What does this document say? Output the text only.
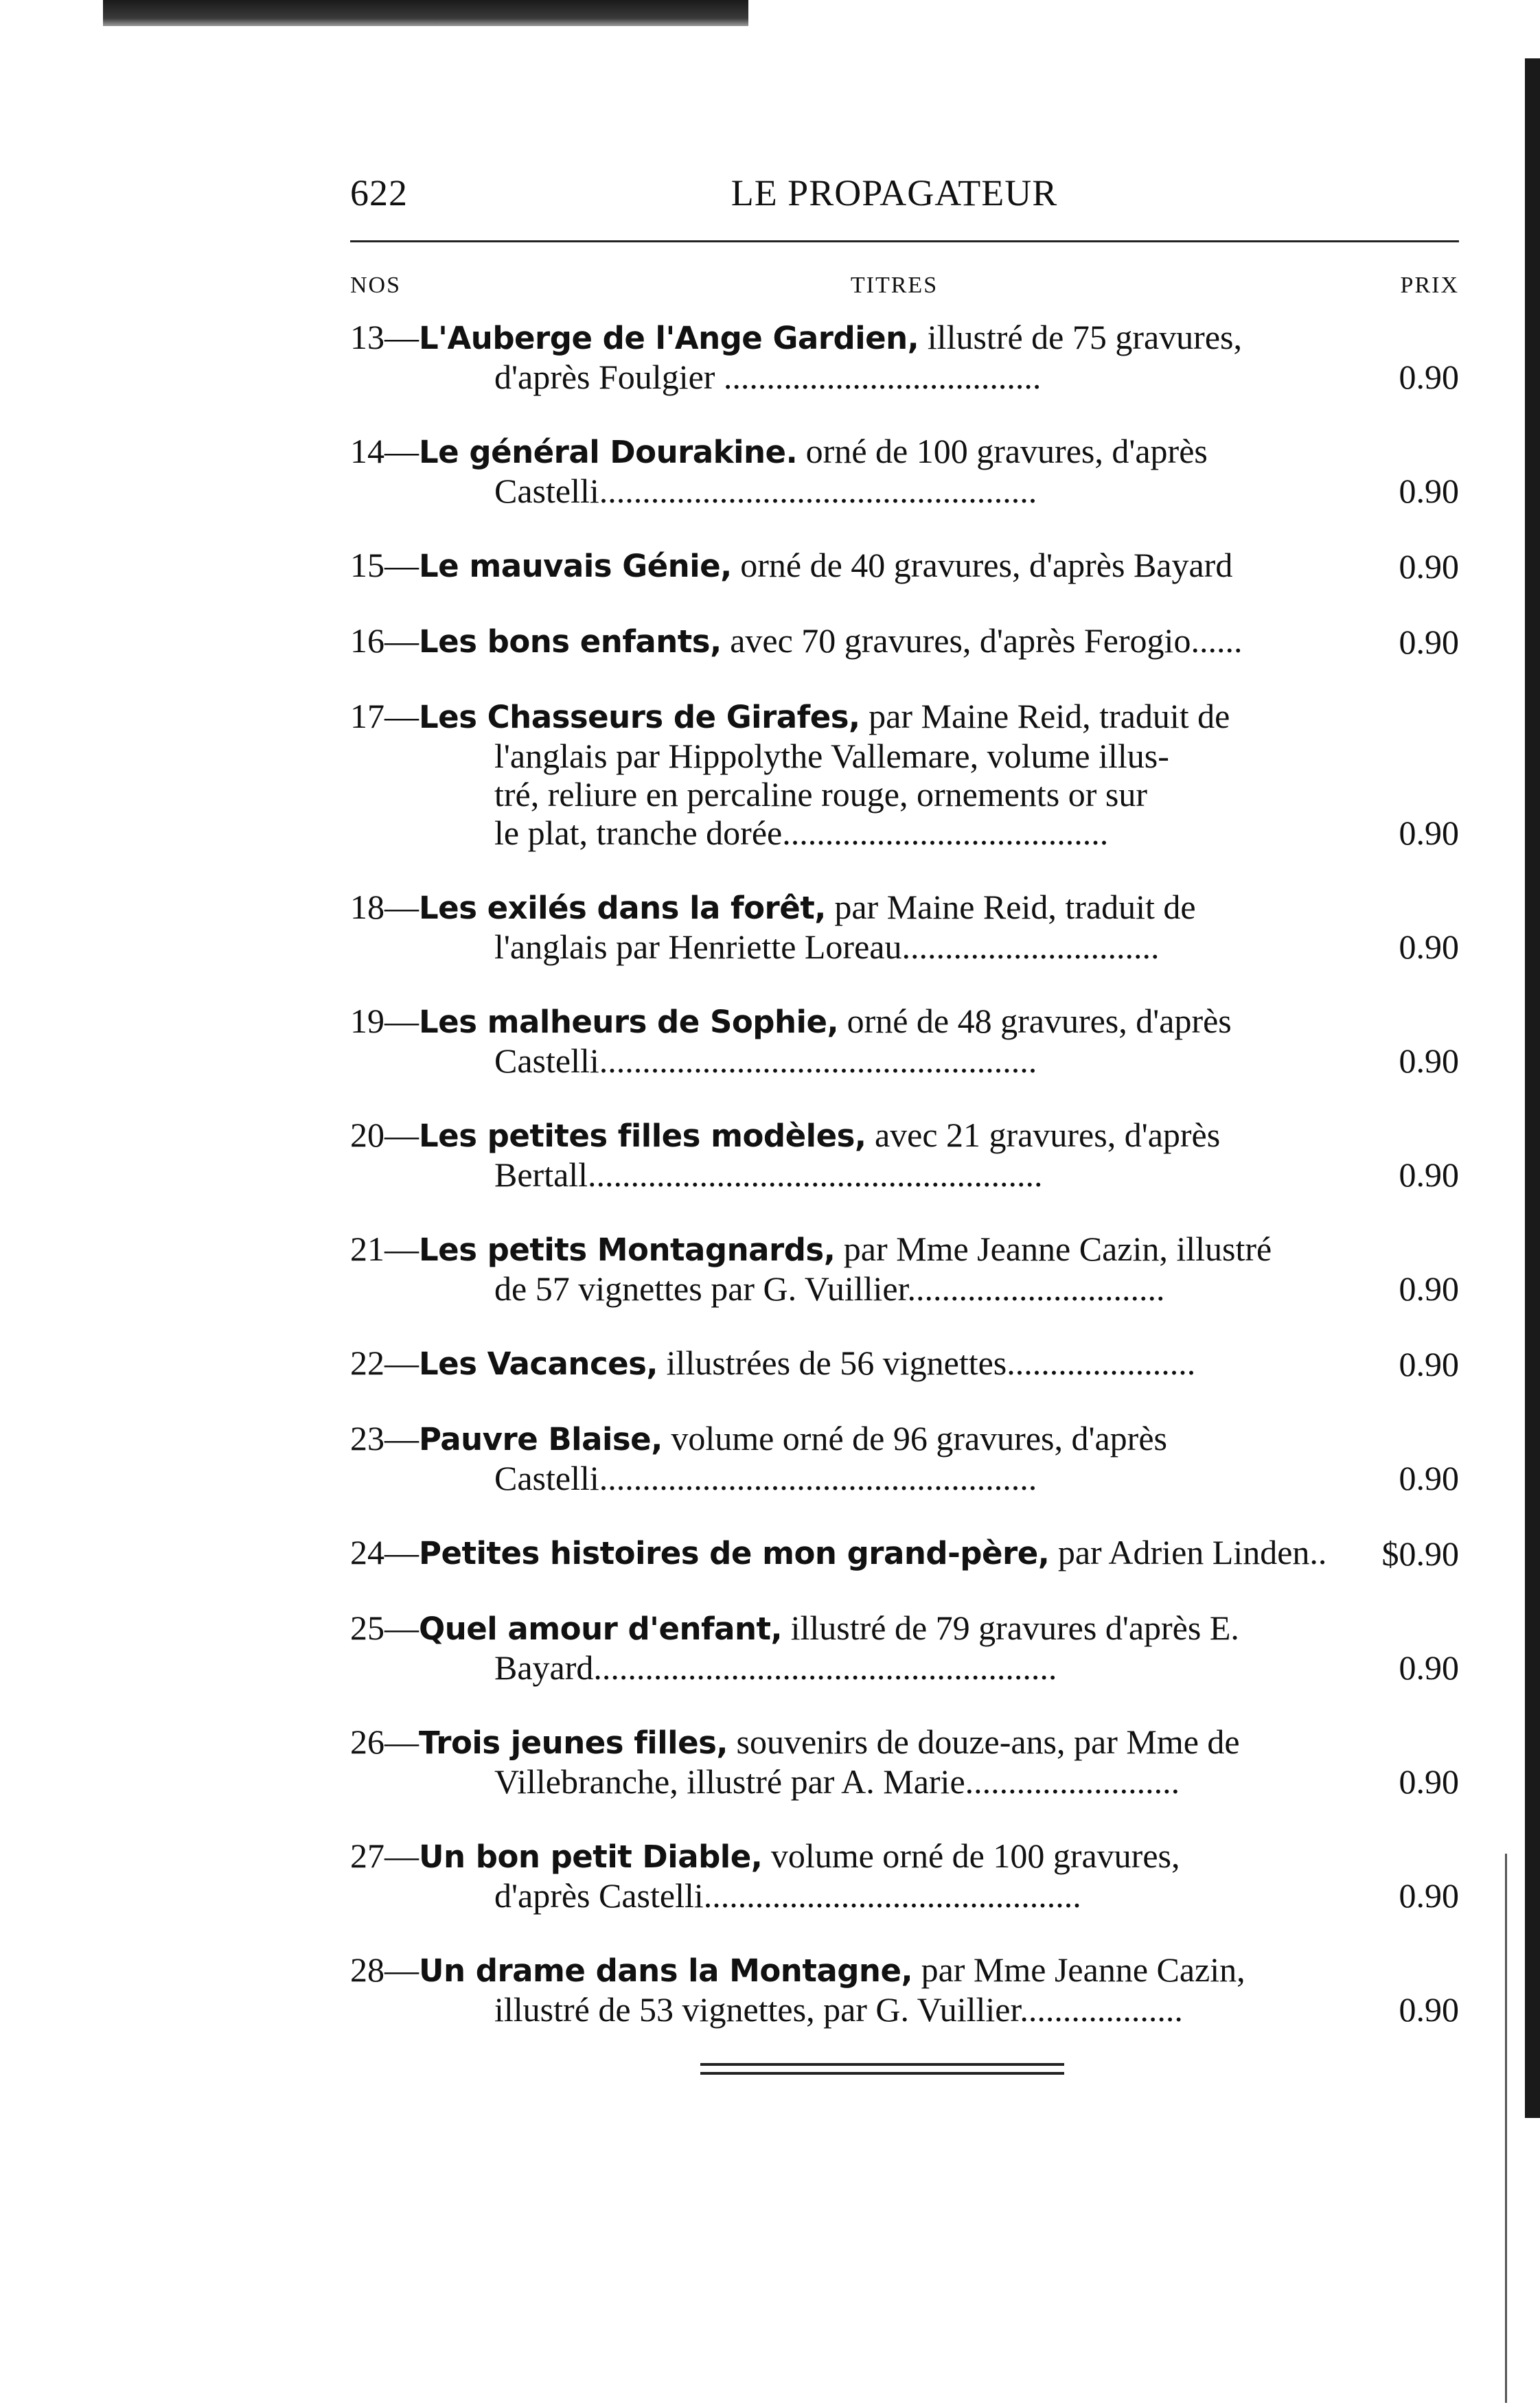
622	LE PROPAGATEUR
NOS	TITRES	PRIX
13—L'Auberge de l'Ange Gardien, illustré de 75 gravures,
d'après Foulgier .....................................	0.90
14—Le général Dourakine. orné de 100 gravures, d'après
Castelli...................................................	0.90
15—Le mauvais Génie, orné de 40 gravures, d'après Bayard	0.90
16—Les bons enfants, avec 70 gravures, d'après Ferogio......	0.90
17—Les Chasseurs de Girafes, par Maine Reid, traduit de
l'anglais par Hippolythe Vallemare, volume illus-
tré, reliure en percaline rouge, ornements or sur
le plat, tranche dorée......................................	0.90
18—Les exilés dans la forêt, par Maine Reid, traduit de
l'anglais par Henriette Loreau..............................	0.90
19—Les malheurs de Sophie, orné de 48 gravures, d'après
Castelli...................................................	0.90
20—Les petites filles modèles, avec 21 gravures, d'après
Bertall.....................................................	0.90
21—Les petits Montagnards, par Mme Jeanne Cazin, illustré
de 57 vignettes par G. Vuillier..............................	0.90
22—Les Vacances, illustrées de 56 vignettes......................	0.90
23—Pauvre Blaise, volume orné de 96 gravures, d'après
Castelli...................................................	0.90
24—Petites histoires de mon grand-père, par Adrien Linden..	$0.90
25—Quel amour d'enfant, illustré de 79 gravures d'après E.
Bayard......................................................	0.90
26—Trois jeunes filles, souvenirs de douze-ans, par Mme de
Villebranche, illustré par A. Marie.........................	0.90
27—Un bon petit Diable, volume orné de 100 gravures,
d'après Castelli............................................	0.90
28—Un drame dans la Montagne, par Mme Jeanne Cazin,
illustré de 53 vignettes, par G. Vuillier...................	0.90
